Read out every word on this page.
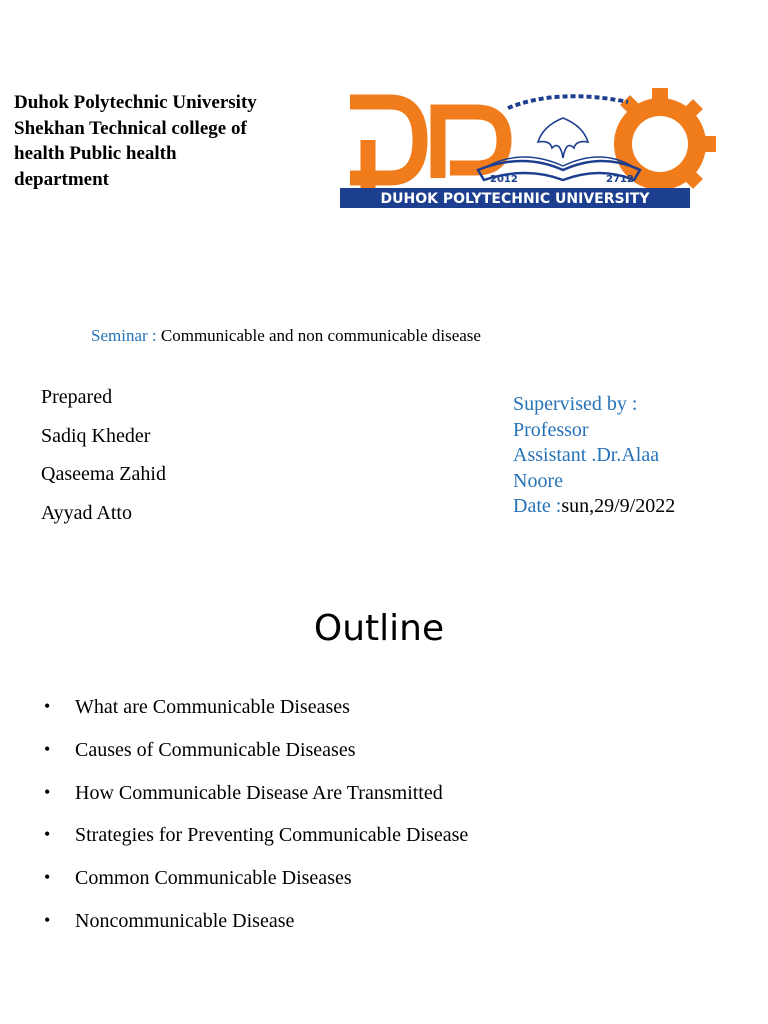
Duhok Polytechnic University
Shekhan Technical college of
health Public health
department	2012	2712
DUHOK POLYTECHNIC UNIVERSITY
Seminar : Communicable and non communicable disease
Prepared
Sadiq Kheder
Qaseema Zahid
Ayyad Atto
Supervised by :
Professor
Assistant .Dr.Alaa
Noore
Date :sun,29/9/2022
Outline
•	What are Communicable Diseases
•	Causes of Communicable Diseases
•	How Communicable Disease Are Transmitted
•	Strategies for Preventing Communicable Disease
•	Common Communicable Diseases
•	Noncommunicable Disease
